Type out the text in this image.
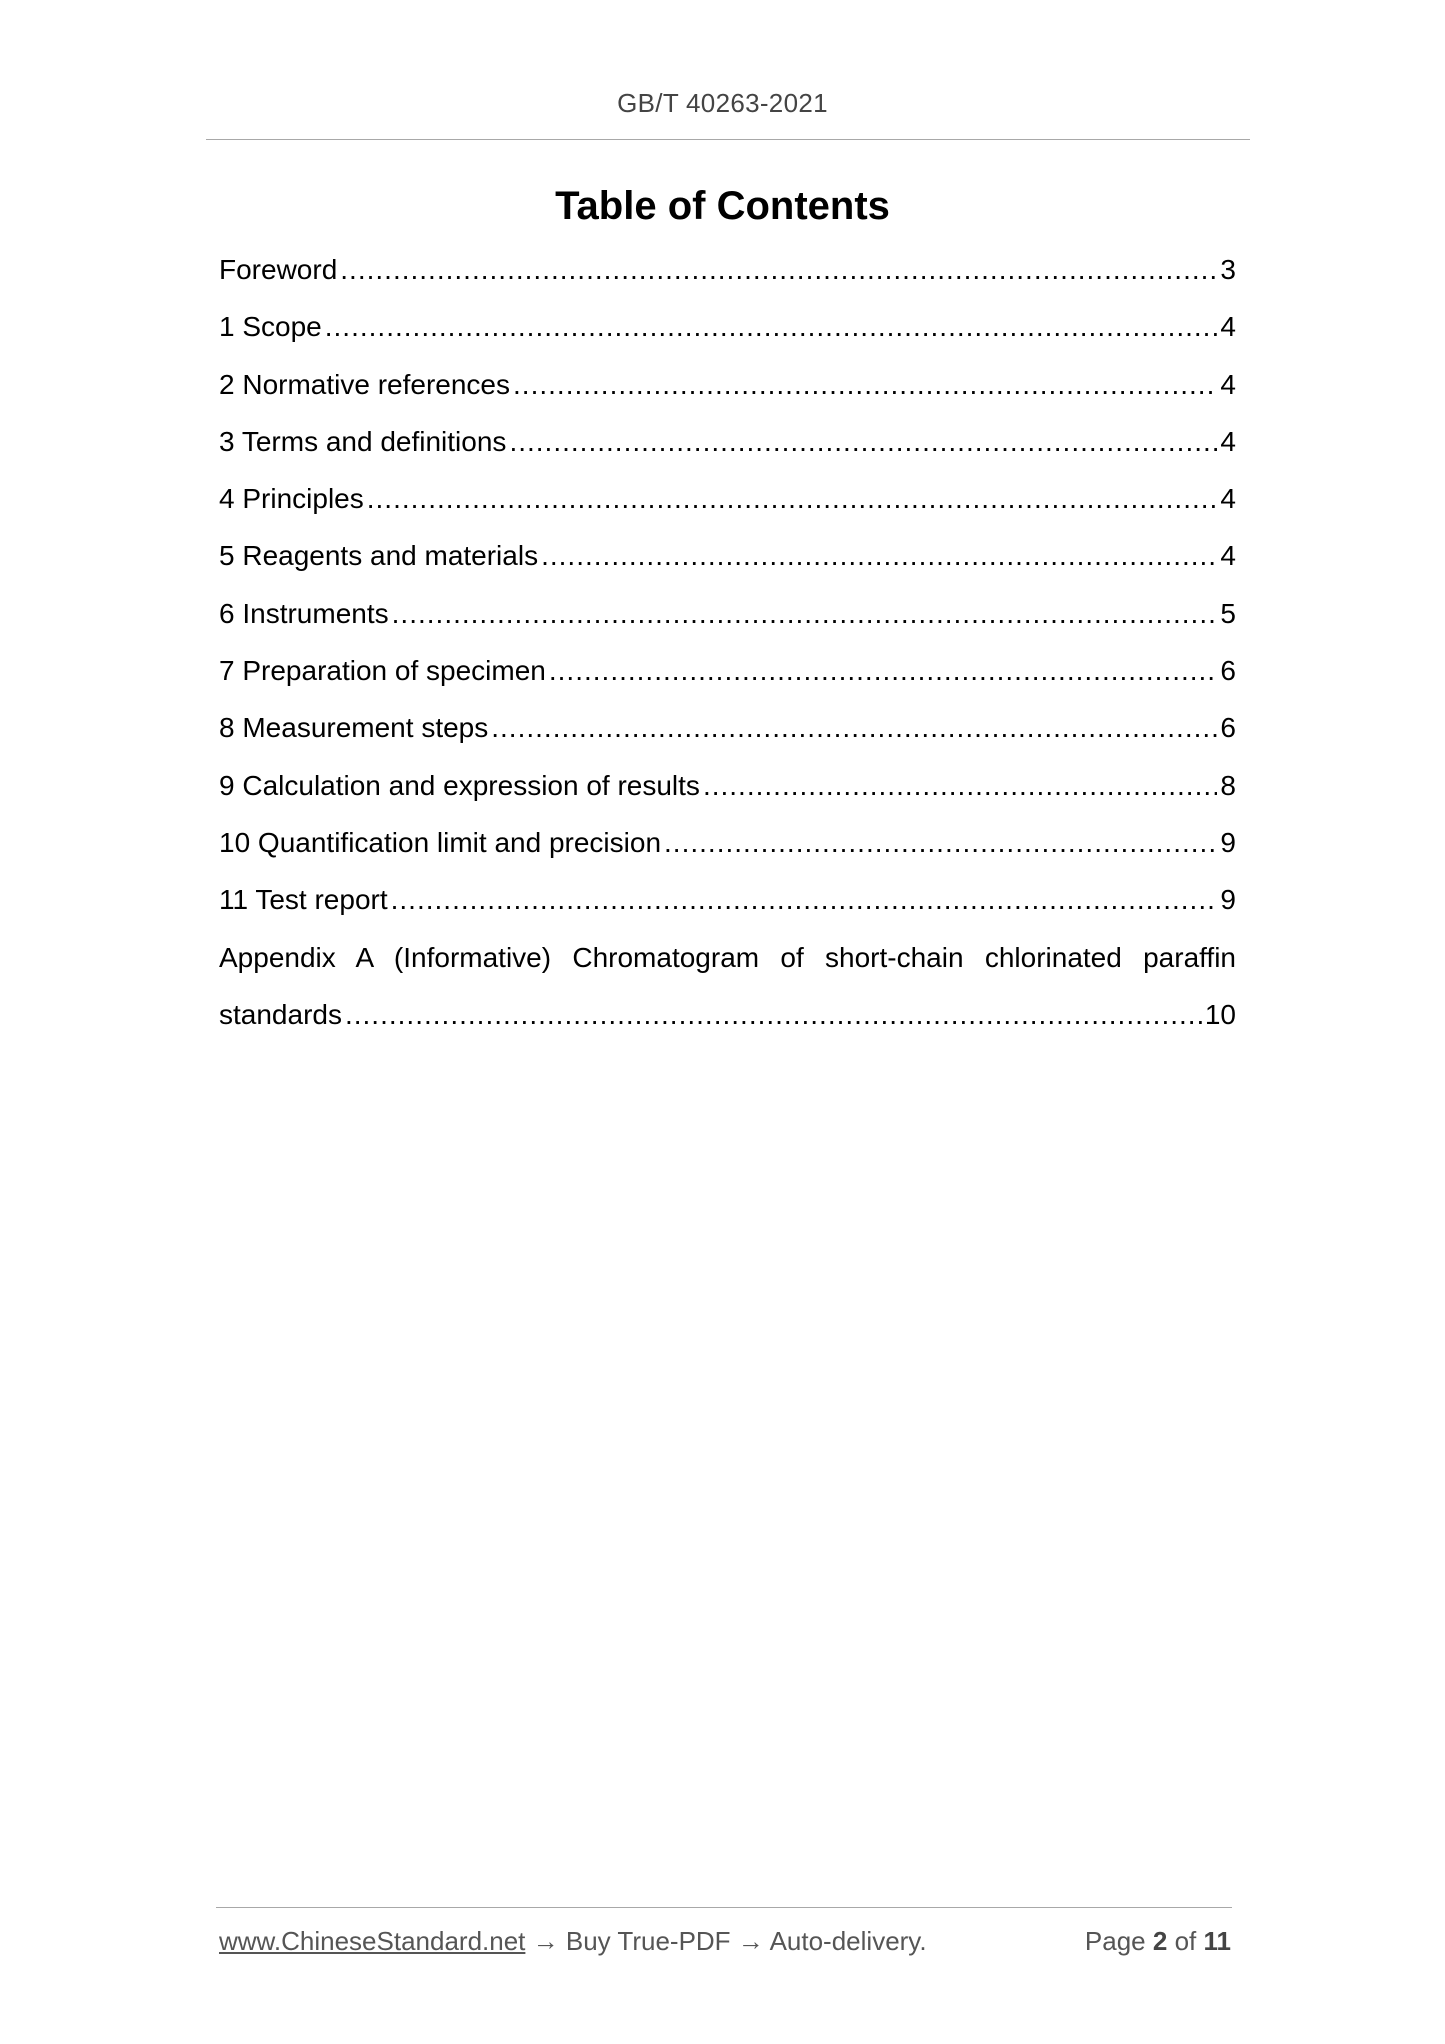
GB/T 40263-2021
Table of Contents
Foreword .....	3
1 Scope .....	4
2 Normative references .....	4
3 Terms and definitions .....	4
4 Principles .....	4
5 Reagents and materials .....	4
6 Instruments .....	5
7 Preparation of specimen .....	6
8 Measurement steps .....	6
9 Calculation and expression of results .....	8
10 Quantification limit and precision .....	9
11 Test report .....	9
Appendix A (Informative) Chromatogram of short-chain chlorinated paraffin
standards .....	10
www.ChineseStandard.net → Buy True-PDF → Auto-delivery.	Page 2 of 11
